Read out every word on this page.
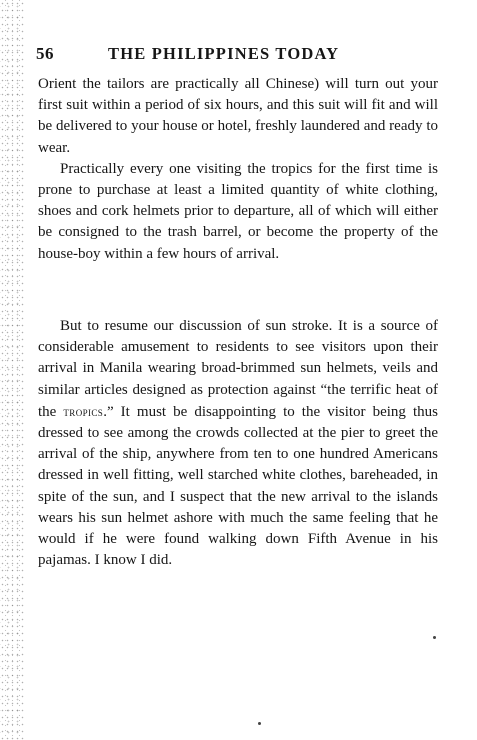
56	THE PHILIPPINES TODAY

Orient the tailors are practically all Chinese) will turn out your first suit within a period of six hours, and this suit will fit and will be delivered to your house or hotel, freshly laundered and ready to wear.

Practically every one visiting the tropics for the first time is prone to purchase at least a limited quantity of white clothing, shoes and cork helmets prior to departure, all of which will either be consigned to the trash barrel, or become the property of the house-boy within a few hours of arrival.

But to resume our discussion of sun stroke. It is a source of considerable amusement to residents to see visitors upon their arrival in Manila wearing broad-brimmed sun helmets, veils and similar articles designed as protection against “the terrific heat of the tropics.” It must be disappointing to the visitor being thus dressed to see among the crowds collected at the pier to greet the arrival of the ship, anywhere from ten to one hundred Americans dressed in well fitting, well starched white clothes, bareheaded, in spite of the sun, and I suspect that the new arrival to the islands wears his sun helmet ashore with much the same feeling that he would if he were found walking down Fifth Avenue in his pajamas. I know I did.
